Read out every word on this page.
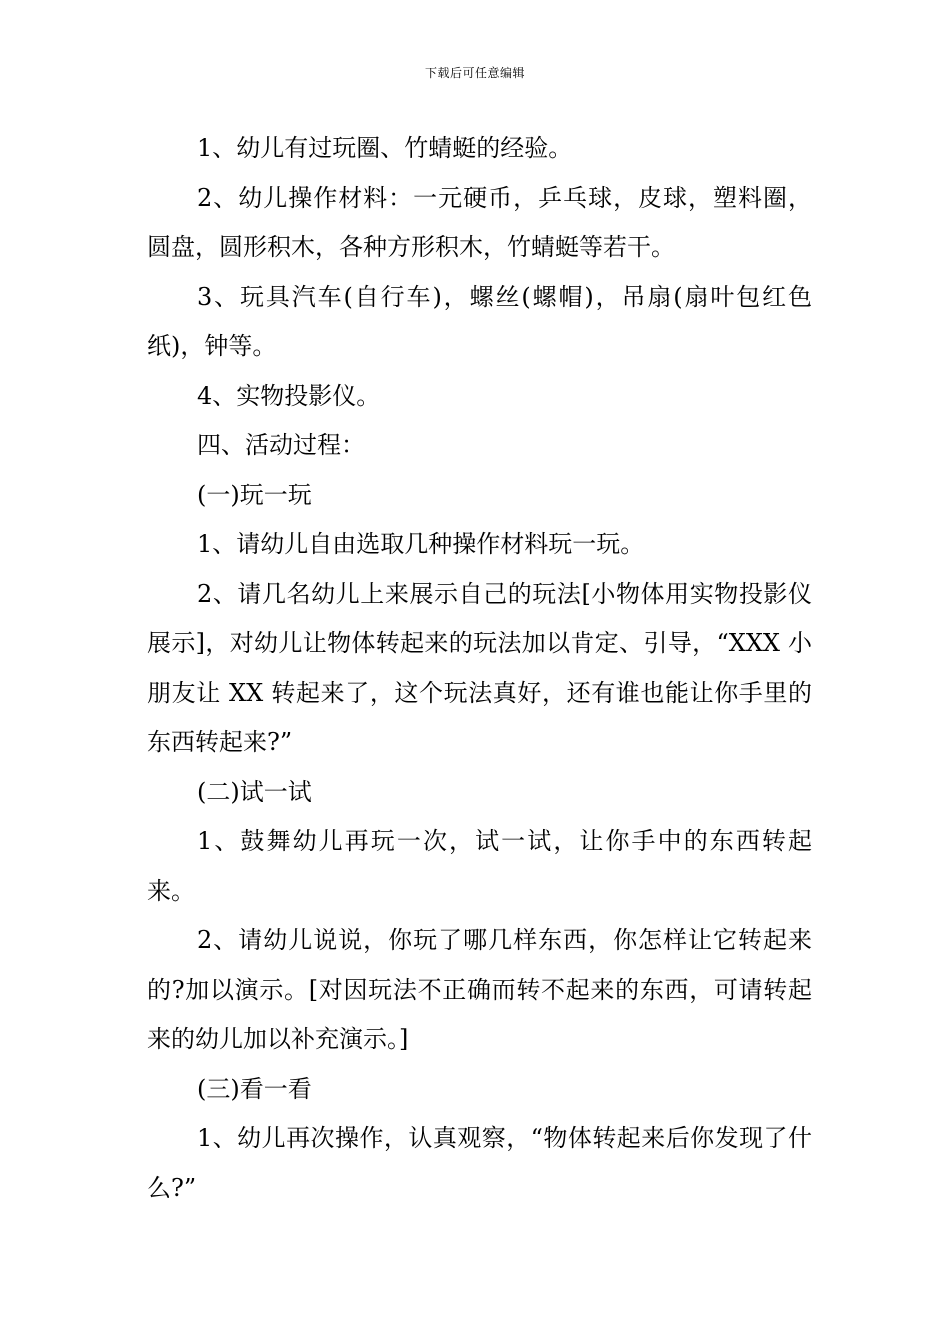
下载后可任意编辑

1、幼儿有过玩圈、竹蜻蜓的经验。

2、幼儿操作材料：一元硬币，乒乓球，皮球，塑料圈，圆盘，圆形积木，各种方形积木，竹蜻蜓等若干。

3、玩具汽车(自行车)，螺丝(螺帽)，吊扇(扇叶包红色纸)，钟等。

4、实物投影仪。

四、活动过程：

(一)玩一玩

1、请幼儿自由选取几种操作材料玩一玩。

2、请几名幼儿上来展示自己的玩法[小物体用实物投影仪展示]，对幼儿让物体转起来的玩法加以肯定、引导，“XXX 小朋友让 XX 转起来了，这个玩法真好，还有谁也能让你手里的东西转起来?”

(二)试一试

1、鼓舞幼儿再玩一次，试一试，让你手中的东西转起来。

2、请幼儿说说，你玩了哪几样东西，你怎样让它转起来的?加以演示。[对因玩法不正确而转不起来的东西，可请转起来的幼儿加以补充演示。]

(三)看一看

1、幼儿再次操作，认真观察，“物体转起来后你发现了什么?”
